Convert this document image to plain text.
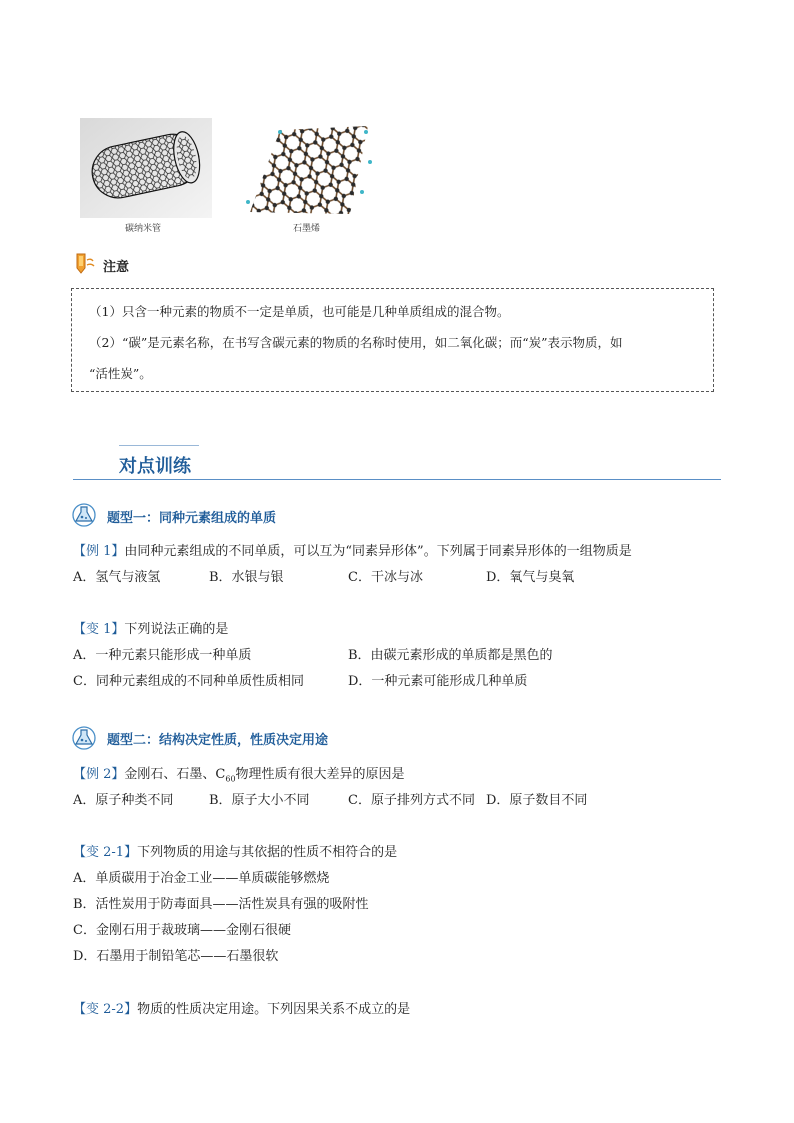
碳纳米管	石墨烯
注意
（1）只含一种元素的物质不一定是单质，也可能是几种单质组成的混合物。
（2）“碳”是元素名称，在书写含碳元素的物质的名称时使用，如二氧化碳；而“炭”表示物质，如
“活性炭”。
对点训练
题型一：同种元素组成的单质
【例 1】由同种元素组成的不同单质，可以互为“同素异形体”。下列属于同素异形体的一组物质是
A．氢气与液氢	B．水银与银	C．干冰与冰	D．氧气与臭氧
【变 1】下列说法正确的是
A．一种元素只能形成一种单质	B．由碳元素形成的单质都是黑色的
C．同种元素组成的不同种单质性质相同	D．一种元素可能形成几种单质
题型二：结构决定性质，性质决定用途
【例 2】金刚石、石墨、$C_{60}$物理性质有很大差异的原因是
A．原子种类不同	B．原子大小不同	C．原子排列方式不同 D．原子数目不同
【变 2-1】下列物质的用途与其依据的性质不相符合的是
A．单质碳用于冶金工业——单质碳能够燃烧
B．活性炭用于防毒面具——活性炭具有强的吸附性
C．金刚石用于裁玻璃——金刚石很硬
D．石墨用于制铅笔芯——石墨很软
【变 2-2】物质的性质决定用途。下列因果关系不成立的是
